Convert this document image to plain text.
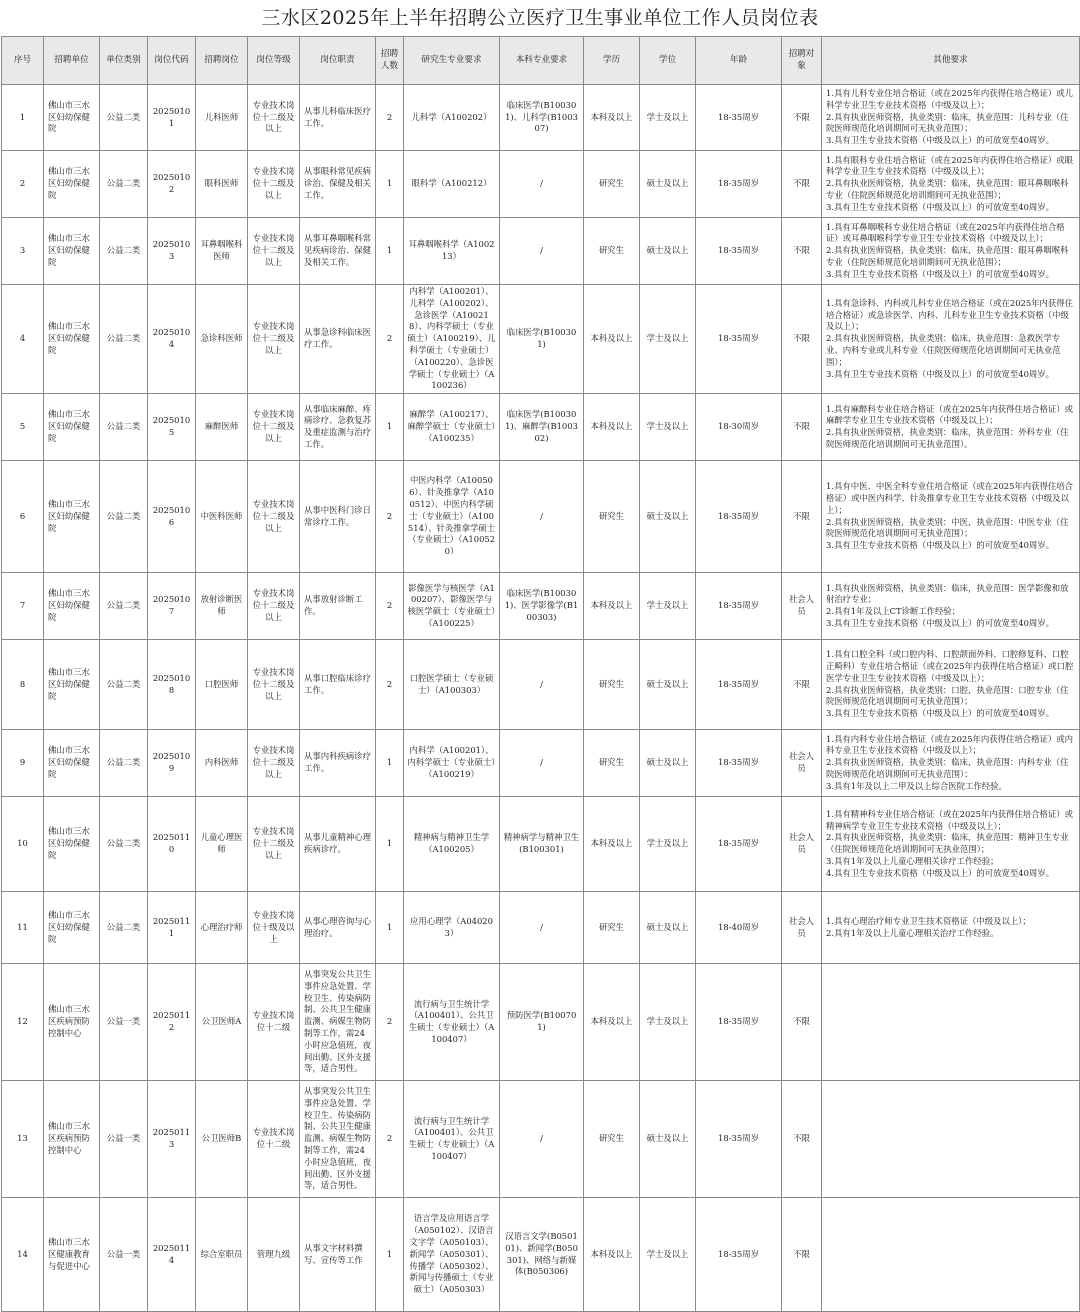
三水区2025年上半年招聘公立医疗卫生事业单位工作人员岗位表
序号	招聘单位	单位类别	岗位代码	招聘岗位	岗位等级	岗位职责	招聘人数	研究生专业要求	本科专业要求	学历	学位	年龄	招聘对象	其他要求
1	佛山市三水区妇幼保健院	公益二类	20250101	儿科医师	专业技术岗位十二级及以上	从事儿科临床医疗工作。	2	儿科学（A100202）	临床医学(B100301)、儿科学(B100307)	本科及以上	学士及以上	18-35周岁	不限	1.具有儿科专业住培合格证（或在2025年内获得住培合格证）或儿科学专业卫生专业技术资格（中级及以上）；
2.具有执业医师资格，执业类别：临床，执业范围：儿科专业（住院医师规范化培训期间可无执业范围）；
3.具有卫生专业技术资格（中级及以上）的可放宽至40周岁。
2	佛山市三水区妇幼保健院	公益二类	20250102	眼科医师	专业技术岗位十二级及以上	从事眼科常见疾病诊治、保健及相关工作。	1	眼科学（A100212）	/	研究生	硕士及以上	18-35周岁	不限	1.具有眼科专业住培合格证（或在2025年内获得住培合格证）或眼科学专业卫生专业技术资格（中级及以上）；
2.具有执业医师资格，执业类别：临床，执业范围：眼耳鼻咽喉科专业（住院医师规范化培训期间可无执业范围）；
3.具有卫生专业技术资格（中级及以上）的可放宽至40周岁。
3	佛山市三水区妇幼保健院	公益二类	20250103	耳鼻咽喉科医师	专业技术岗位十二级及以上	从事耳鼻咽喉科常见疾病诊治、保健及相关工作。	1	耳鼻咽喉科学（A100213）	/	研究生	硕士及以上	18-35周岁	不限	1.具有耳鼻咽喉科专业住培合格证（或在2025年内获得住培合格证）或耳鼻咽喉科学专业卫生专业技术资格（中级及以上）；
2.具有执业医师资格，执业类别：临床，执业范围：眼耳鼻咽喉科专业（住院医师规范化培训期间可无执业范围）；
3.具有卫生专业技术资格（中级及以上）的可放宽至40周岁。
4	佛山市三水区妇幼保健院	公益二类	20250104	急诊科医师	专业技术岗位十二级及以上	从事急诊科临床医疗工作。	2	内科学（A100201）、儿科学（A100202）、急诊医学（A100218）、内科学硕士（专业硕士）（A100219）、儿科学硕士（专业硕士）（A100220）、急诊医学硕士（专业硕士）（A100236）	临床医学(B100301)	本科及以上	学士及以上	18-35周岁	不限	1.具有急诊科、内科或儿科专业住培合格证（或在2025年内获得住培合格证）或急诊医学、内科、儿科专业卫生专业技术资格（中级及以上）；
2.具有执业医师资格，执业类别：临床，执业范围：急救医学专业、内科专业或儿科专业（住院医师规范化培训期间可无执业范围）；
3.具有卫生专业技术资格（中级及以上）的可放宽至40周岁。
5	佛山市三水区妇幼保健院	公益二类	20250105	麻醉医师	专业技术岗位十二级及以上	从事临床麻醉、疼痛诊疗、急救复苏及重症监测与治疗工作。	1	麻醉学（A100217）、麻醉学硕士（专业硕士）（A100235）	临床医学(B100301)、麻醉学(B100302)	本科及以上	学士及以上	18-30周岁	不限	1.具有麻醉科专业住培合格证（或在2025年内获得住培合格证）或麻醉学专业卫生专业技术资格（中级及以上）；
2.具有执业医师资格，执业类别：临床，执业范围：外科专业（住院医师规范化培训期间可无执业范围）。
6	佛山市三水区妇幼保健院	公益二类	20250106	中医科医师	专业技术岗位十二级及以上	从事中医科门诊日常诊疗工作。	2	中医内科学（A100506）、针灸推拿学（A100512）、中医内科学硕士（专业硕士）（A100514）、针灸推拿学硕士（专业硕士）（A100520）	/	研究生	硕士及以上	18-35周岁	不限	1.具有中医、中医全科专业住培合格证（或在2025年内获得住培合格证）或中医内科学、针灸推拿专业卫生专业技术资格（中级及以上）；
2.具有执业医师资格，执业类别：中医，执业范围：中医专业（住院医师规范化培训期间可无执业范围）；
3.具有卫生专业技术资格（中级及以上）的可放宽至40周岁。
7	佛山市三水区妇幼保健院	公益二类	20250107	放射诊断医师	专业技术岗位十二级及以上	从事放射诊断工作。	2	影像医学与核医学（A100207）、影像医学与核医学硕士（专业硕士）（A100225）	临床医学(B100301)、医学影像学(B100303)	本科及以上	学士及以上	18-35周岁	社会人员	1.具有执业医师资格，执业类别：临床，执业范围：医学影像和放射治疗专业；
2.具有1年及以上CT诊断工作经验；
3.具有卫生专业技术资格（中级及以上）的可放宽至40周岁。
8	佛山市三水区妇幼保健院	公益二类	20250108	口腔医师	专业技术岗位十二级及以上	从事口腔临床诊疗工作。	2	口腔医学硕士（专业硕士）（A100303）	/	研究生	硕士及以上	18-35周岁	不限	1.具有口腔全科（或口腔内科、口腔颌面外科、口腔修复科、口腔正畸科）专业住培合格证（或在2025年内获得住培合格证）或口腔医学专业卫生专业技术资格（中级及以上）；
2.具有执业医师资格，执业类别：口腔，执业范围：口腔专业（住院医师规范化培训期间可无执业范围）；
3.具有卫生专业技术资格（中级及以上）的可放宽至40周岁。
9	佛山市三水区妇幼保健院	公益二类	20250109	内科医师	专业技术岗位十二级及以上	从事内科疾病诊疗工作。	1	内科学（A100201）、内科学硕士（专业硕士）（A100219）	/	研究生	硕士及以上	18-35周岁	社会人员	1.具有内科专业住培合格证（或在2025年内获得住培合格证）或内科专业卫生专业技术资格（中级及以上）；
2.具有执业医师资格，执业类别：临床，执业范围：内科专业（住院医师规范化培训期间可无执业范围）；
3.具有1年及以上二甲及以上综合医院工作经验。
10	佛山市三水区妇幼保健院	公益二类	20250110	儿童心理医师	专业技术岗位十二级及以上	从事儿童精神心理疾病诊疗。	1	精神病与精神卫生学（A100205）	精神病学与精神卫生(B100301)	本科及以上	学士及以上	18-35周岁	社会人员	1.具有精神科专业住培合格证（或在2025年内获得住培合格证）或精神病学专业卫生专业技术资格（中级及以上）；
2.具有执业医师资格，执业类别：临床，执业范围：精神卫生专业（住院医师规范化培训期间可无执业范围）；
3.具有1年及以上儿童心理相关诊疗工作经验；
4.具有卫生专业技术资格（中级及以上）的可放宽至40周岁。
11	佛山市三水区妇幼保健院	公益二类	20250111	心理治疗师	专业技术岗位十级及以上	从事心理咨询与心理治疗。	1	应用心理学（A040203）	/	研究生	硕士及以上	18-40周岁	社会人员	1.具有心理治疗师专业卫生技术资格证（中级及以上）；
2.具有1年及以上儿童心理相关治疗工作经验。
12	佛山市三水区疾病预防控制中心	公益一类	20250112	公卫医师A	专业技术岗位十二级	从事突发公共卫生事件应急处置、学校卫生、传染病防制、公共卫生健康监测、病媒生物防制等工作，需24小时应急值班，夜间出勤、区外支援等，适合男性。	2	流行病与卫生统计学（A100401）、公共卫生硕士（专业硕士）（A100407）	预防医学(B100701)	本科及以上	学士及以上	18-35周岁	不限	
13	佛山市三水区疾病预防控制中心	公益一类	20250113	公卫医师B	专业技术岗位十二级	从事突发公共卫生事件应急处置、学校卫生、传染病防制、公共卫生健康监测、病媒生物防制等工作，需24小时应急值班，夜间出勤、区外支援等，适合男性。	2	流行病与卫生统计学（A100401）、公共卫生硕士（专业硕士）（A100407）	/	研究生	硕士及以上	18-35周岁	不限	
14	佛山市三水区健康教育与促进中心	公益一类	20250114	综合室职员	管理九级	从事文字材料撰写、宣传等工作	1	语言学及应用语言学（A050102）、汉语言文字学（A050103）、新闻学（A050301）、传播学（A050302）、新闻与传播硕士（专业硕士）（A050303）	汉语言文学(B050101)、新闻学(B050301)、网络与新媒体(B050306)	本科及以上	学士及以上	18-35周岁	不限	
